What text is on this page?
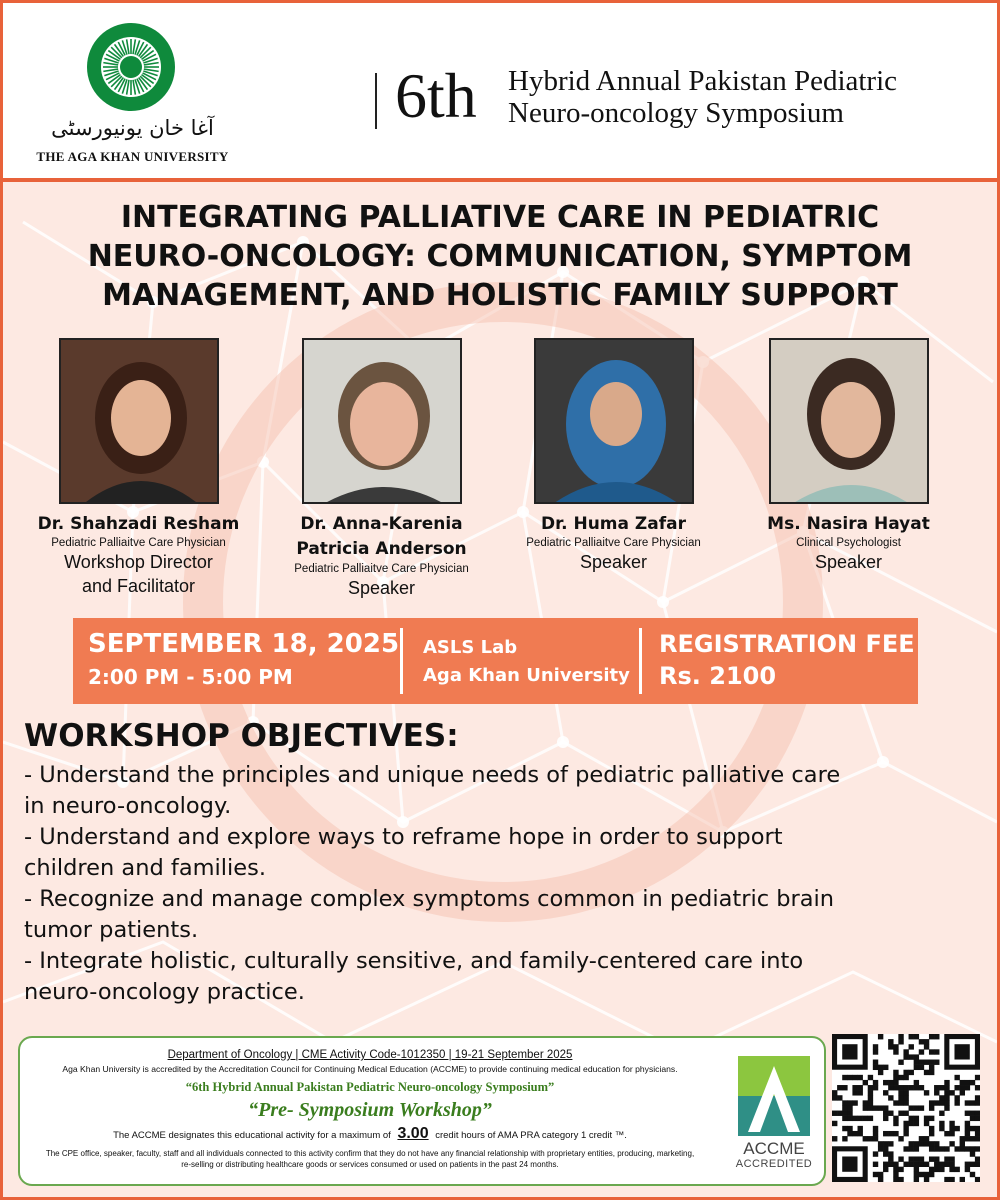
آغا خان یونیورسٹی
THE AGA KHAN UNIVERSITY
6th Hybrid Annual Pakistan Pediatric
Neuro-oncology Symposium
INTEGRATING PALLIATIVE CARE IN PEDIATRIC
NEURO-ONCOLOGY: COMMUNICATION, SYMPTOM
MANAGEMENT, AND HOLISTIC FAMILY SUPPORT
Dr. Shahzadi Resham
Pediatric Palliaitve Care Physician
Workshop Director
and Facilitator
Dr. Anna-Karenia
Patricia Anderson
Pediatric Palliaitve Care Physician
Speaker
Dr. Huma Zafar
Pediatric Palliaitve Care Physician
Speaker
Ms. Nasira Hayat
Clinical Psychologist
Speaker
SEPTEMBER 18, 2025
2:00 PM - 5:00 PM
ASLS Lab
Aga Khan University
REGISTRATION FEE
Rs. 2100
WORKSHOP OBJECTIVES:
- Understand the principles and unique needs of pediatric palliative care
in neuro-oncology.
- Understand and explore ways to reframe hope in order to support
children and families.
- Recognize and manage complex symptoms common in pediatric brain
tumor patients.
- Integrate holistic, culturally sensitive, and family-centered care into
neuro-oncology practice.
Department of Oncology | CME Activity Code-1012350 | 19-21 September 2025
Aga Khan University is accredited by the Accreditation Council for Continuing Medical Education (ACCME) to provide continuing medical education for physicians.
“6th Hybrid Annual Pakistan Pediatric Neuro-oncology Symposium”
“Pre- Symposium Workshop”
The ACCME designates this educational activity for a maximum of 3.00 credit hours of AMA PRA category 1 credit ™.
The CPE office, speaker, faculty, staff and all individuals connected to this activity confirm that they do not have any financial relationship with proprietary entities, producing, marketing, re-selling or distributing healthcare goods or services consumed or used on patients in the past 24 months.
ACCME
ACCREDITED
